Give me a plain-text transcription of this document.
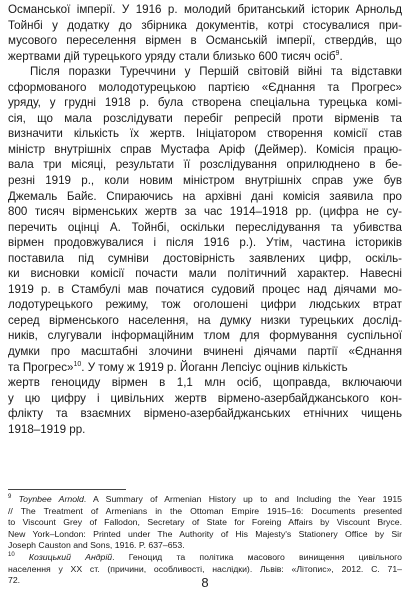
Османської імперії. У 1916 р. молодий британський історик Арнольд
Тойнбі у додатку до збірника документів, котрі стосувалися при-
мусового переселення вірмен в Османській імперії, стверди́в, що
жертвами дій турецького уряду стали близько 600 тисяч осіб$^9$.
Після поразки Туреччини у Першій світовій війні та відставки
сформованого молодотурецькою партією «Єднання та Прогрес»
уряду, у грудні 1918 р. була створена спеціальна турецька комі-
сія, що мала розслідувати перебіг репресій проти вірменів та
визначити кількість їх жертв. Ініціатором створення комісії став
міністр внутрішніх справ Мустафа Аріф (Деймер). Комісія працю-
вала три місяці, результати її розслідування оприлюднено в бе-
резні 1919 р., коли новим міністром внутрішніх справ уже був
Джемаль Байє. Спираючись на архівні дані комісія заявила про
800 тисяч вірменських жертв за час 1914–1918 рр. (цифра не су-
перечить оцінці А. Тойнбі, оскільки переслідування та убивства
вірмен продовжувалися і після 1916 р.). Утім, частина істориків
поставила під сумніви достовірність заявлених цифр, оскіль-
ки висновки комісії почасти мали політичний характер. Навесні
1919 р. в Стамбулі мав початися судовий процес над діячами мо-
лодотурецького режиму, тож оголошені цифри людських втрат
серед вірменського населення, на думку низки турецьких дослід-
ників, слугували інформаційним тлом для формування суспільної
думки про масштабні злочини вчинені діячами партії «Єднання
та Прогрес»$^{10}$. У тому ж 1919 р. Йоганн Лепсіус оцінив кількість
жертв геноциду вірмен в 1,1 млн осіб, щоправда, включаючи
у цю цифру і цивільних жертв вірмено-азербайджанського кон-
флікту та взаємних вірмено-азербайджанських етнічних чищень
1918–1919 рр.
$^9$ Toynbee Arnold. A Summary of Armenian History up to and Including the Year 1915
// The Treatment of Armenians in the Ottoman Empire 1915–16: Documents presented
to Viscount Grey of Fallodon, Secretary of State for Foreing Affairs by Viscount Bryce.
New York–London: Printed under The Authority of His Majesty's Stationery Office by Sir
Joseph Causton and Sons, 1916. P. 637–653.
$^{10}$ Козицький Андрій. Геноцид та політика масового винищення цивільного
населення у ХХ ст. (причини, особливості, наслідки). Львів: «Літопис», 2012. С. 71–
72.	8
